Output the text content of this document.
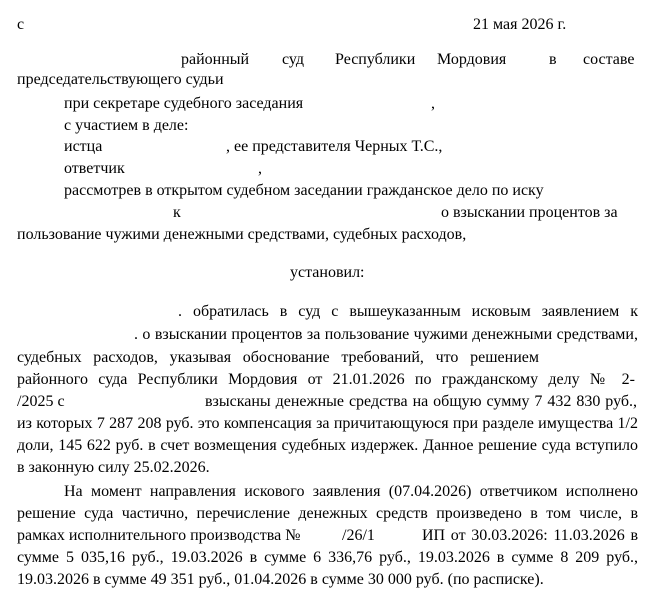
с	21 мая 2026 г.
районный суд Республики Мордовия	в составе
председательствующего судьи
при секретаре судебного заседания	,
с участием в деле:
истца	, ее представителя Черных Т.С.,
ответчик	,
рассмотрев в открытом судебном заседании гражданское дело по иску
к	о взыскании процентов за
пользование чужими денежными средствами, судебных расходов,
установил:
. обратилась в суд с вышеуказанным исковым заявлением к
. о взыскании процентов за пользование чужими денежными средствами,
судебных расходов, указывая обоснование требований, что решением
районного суда Республики Мордовия от 21.01.2026 по гражданскому делу № 2-
/2025 с	взысканы денежные средства на общую сумму 7 432 830 руб.,
из которых 7 287 208 руб. это компенсация за причитающуюся при разделе имущества 1/2
доли, 145 622 руб. в счет возмещения судебных издержек. Данное решение суда вступило
в законную силу 25.02.2026.
На момент направления искового заявления (07.04.2026) ответчиком исполнено
решение суда частично, перечисление денежных средств произведено в том числе, в
рамках исполнительного производства №	/26/1	ИП от 30.03.2026: 11.03.2026 в
сумме 5 035,16 руб., 19.03.2026 в сумме 6 336,76 руб., 19.03.2026 в сумме 8 209 руб.,
19.03.2026 в сумме 49 351 руб., 01.04.2026 в сумме 30 000 руб. (по расписке).
